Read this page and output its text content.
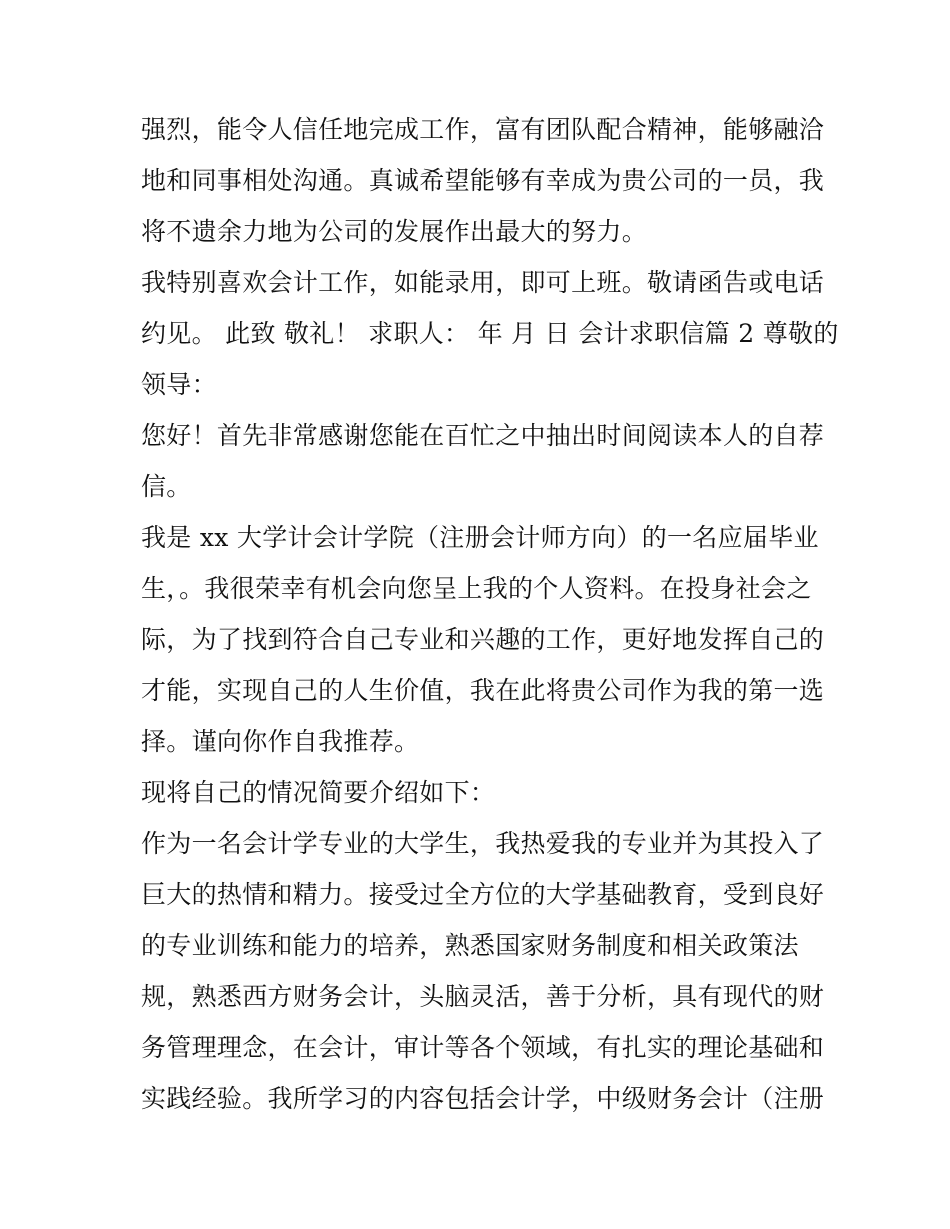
强烈，能令人信任地完成工作，富有团队配合精神，能够融洽
地和同事相处沟通。真诚希望能够有幸成为贵公司的一员，我
将不遗余力地为公司的发展作出最大的努力。
我特别喜欢会计工作，如能录用，即可上班。敬请函告或电话
约见。 此致 敬礼！ 求职人： 年 月 日 会计求职信篇 2 尊敬的
领导：
您好！首先非常感谢您能在百忙之中抽出时间阅读本人的自荐
信。
我是 xx 大学计会计学院（注册会计师方向）的一名应届毕业
生，。我很荣幸有机会向您呈上我的个人资料。在投身社会之
际，为了找到符合自己专业和兴趣的工作，更好地发挥自己的
才能，实现自己的人生价值，我在此将贵公司作为我的第一选
择。谨向你作自我推荐。
现将自己的情况简要介绍如下：
作为一名会计学专业的大学生，我热爱我的专业并为其投入了
巨大的热情和精力。接受过全方位的大学基础教育，受到良好
的专业训练和能力的培养，熟悉国家财务制度和相关政策法
规，熟悉西方财务会计，头脑灵活，善于分析，具有现代的财
务管理理念，在会计，审计等各个领域，有扎实的理论基础和
实践经验。我所学习的内容包括会计学，中级财务会计（注册
